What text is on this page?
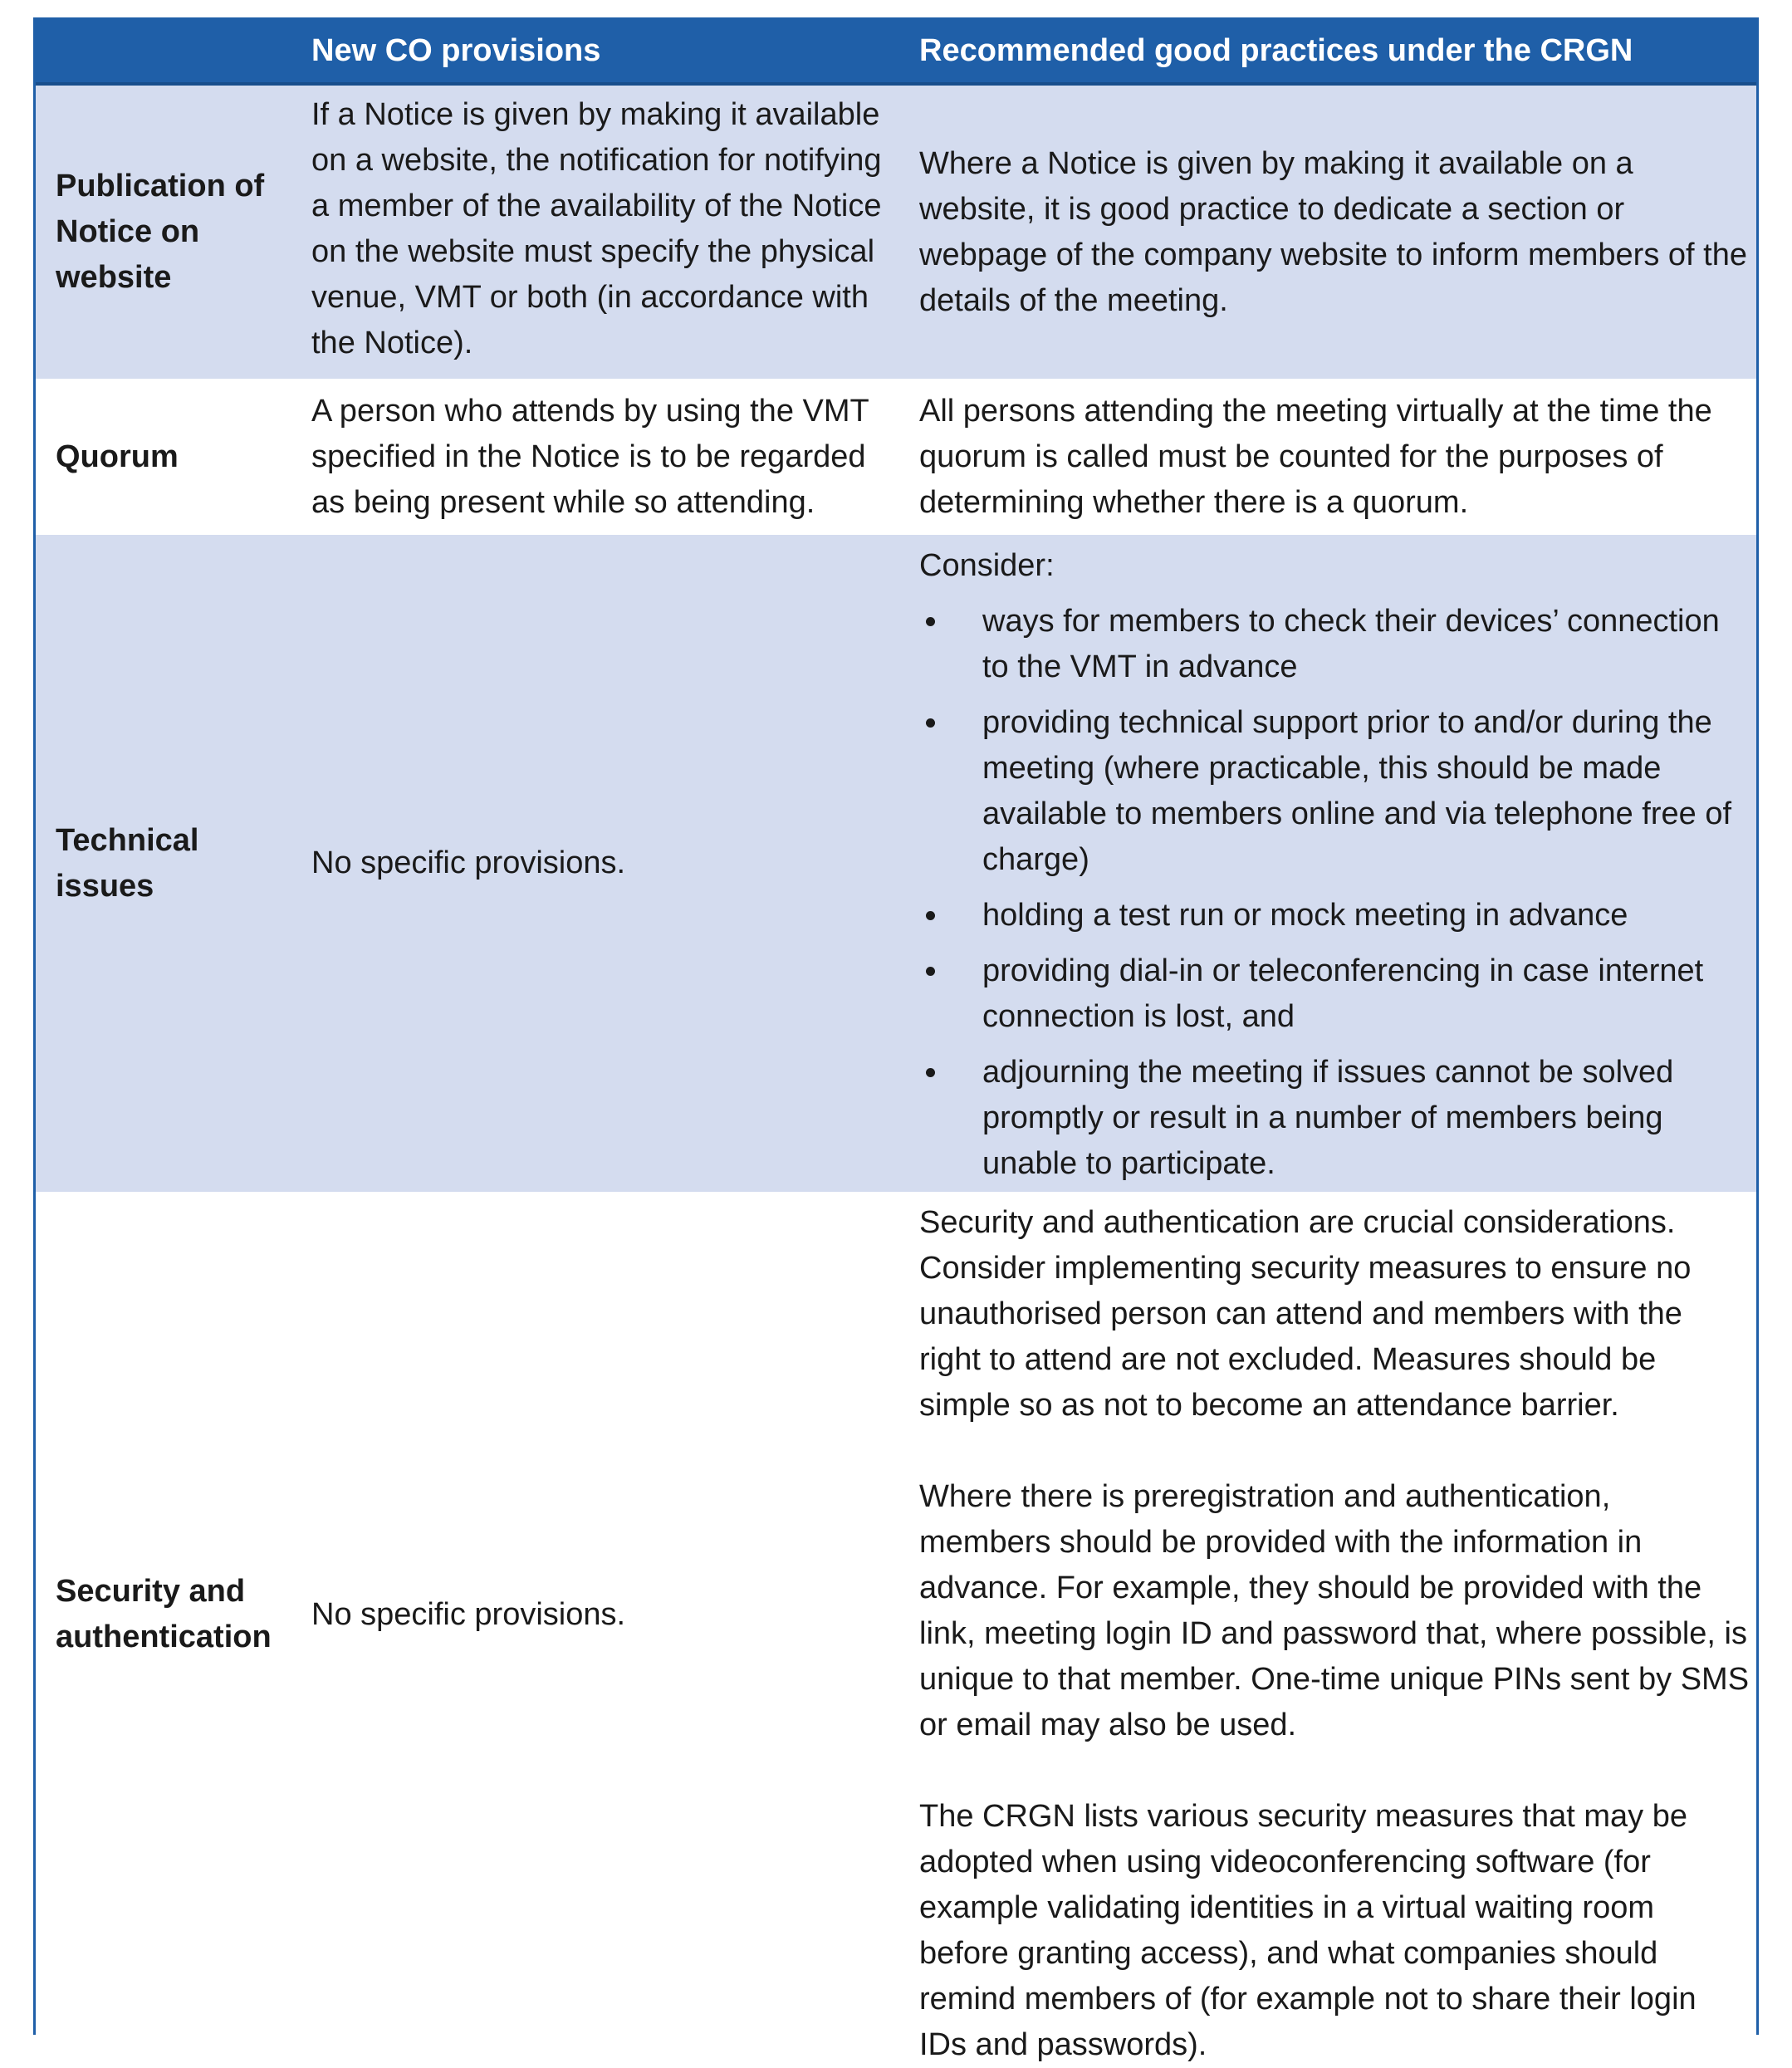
New CO provisions	Recommended good practices under the CRGN
Publication of Notice on website
If a Notice is given by making it available on a website, the notification for notifying a member of the availability of the Notice on the website must specify the physical venue, VMT or both (in accordance with the Notice).
Where a Notice is given by making it available on a website, it is good practice to dedicate a section or webpage of the company website to inform members of the details of the meeting.
Quorum
A person who attends by using the VMT specified in the Notice is to be regarded as being present while so attending.
All persons attending the meeting virtually at the time the quorum is called must be counted for the purposes of determining whether there is a quorum.
Technical issues
No specific provisions.
Consider:
ways for members to check their devices’ connection to the VMT in advance
providing technical support prior to and/or during the meeting (where practicable, this should be made available to members online and via telephone free of charge)
holding a test run or mock meeting in advance
providing dial-in or teleconferencing in case internet connection is lost, and
adjourning the meeting if issues cannot be solved promptly or result in a number of members being unable to participate.
Security and authentication
No specific provisions.
Security and authentication are crucial considerations. Consider implementing security measures to ensure no unauthorised person can attend and members with the right to attend are not excluded. Measures should be simple so as not to become an attendance barrier.
Where there is preregistration and authentication, members should be provided with the information in advance. For example, they should be provided with the link, meeting login ID and password that, where possible, is unique to that member. One-time unique PINs sent by SMS or email may also be used.
The CRGN lists various security measures that may be adopted when using videoconferencing software (for example validating identities in a virtual waiting room before granting access), and what companies should remind members of (for example not to share their login IDs and passwords).
